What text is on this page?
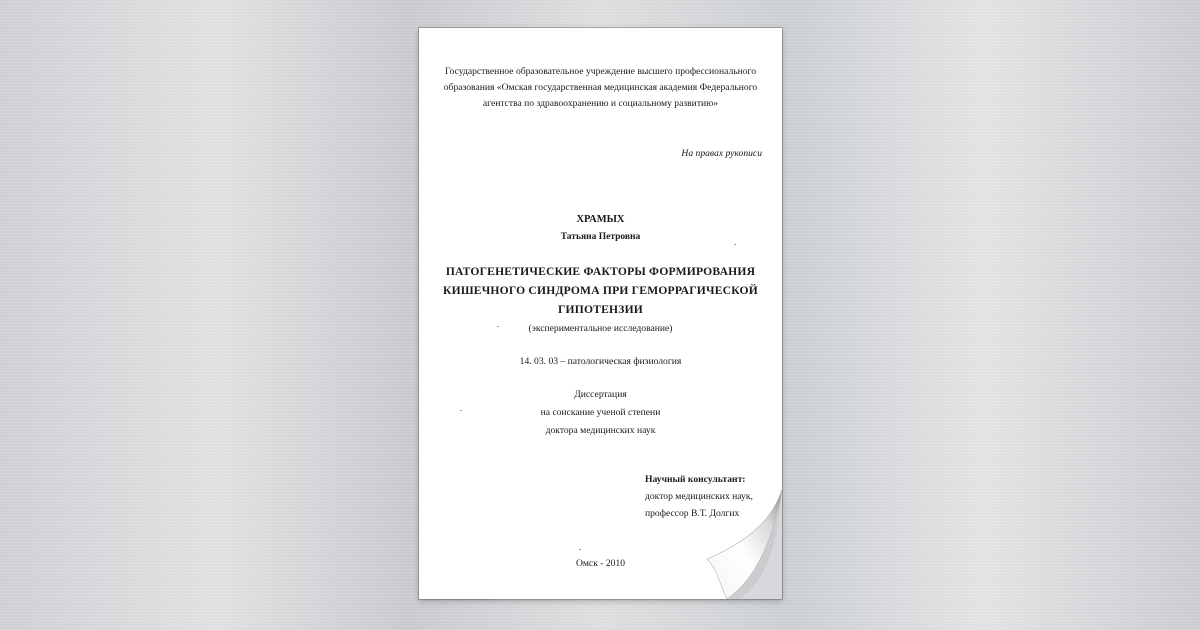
Государственное образовательное учреждение высшего профессионального
образования «Омская государственная медицинская академия Федерального
агентства по здравоохранению и социальному развитию»
На правах рукописи
ХРАМЫХ
Татьяна Петровна
ПАТОГЕНЕТИЧЕСКИЕ ФАКТОРЫ ФОРМИРОВАНИЯ
КИШЕЧНОГО СИНДРОМА ПРИ ГЕМОРРАГИЧЕСКОЙ
ГИПОТЕНЗИИ
(экспериментальное исследование)
14. 03. 03 – патологическая физиология
Диссертация
на соискание ученой степени
доктора медицинских наук
Научный консультант:
доктор медицинских наук,
профессор В.Т. Долгих
Омск - 2010
